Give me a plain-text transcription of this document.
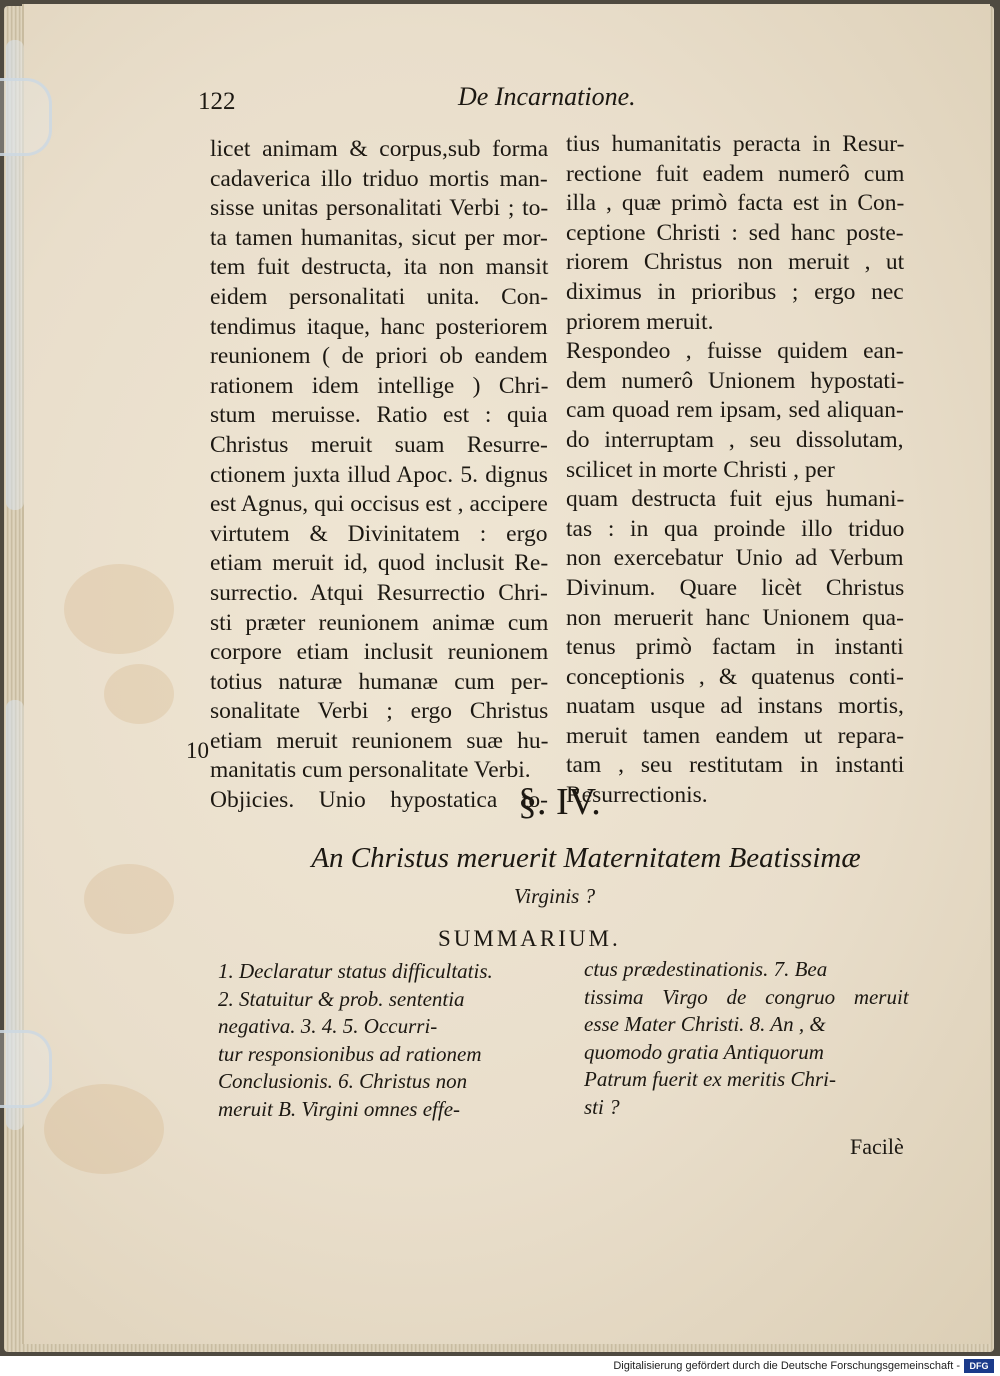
122	De Incarnatione.
licet animam & corpus,sub forma
cadaverica illo triduo mortis man-
sisse unitas personalitati Verbi ; to-
ta tamen humanitas, sicut per mor-
tem fuit destructa, ita non mansit
eidem personalitati unita. Con-
tendimus itaque, hanc posteriorem
reunionem ( de priori ob eandem
rationem idem intellige ) Chri-
stum meruisse. Ratio est : quia
Christus meruit suam Resurre-
ctionem juxta illud Apoc. 5. dignus
est Agnus, qui occisus est , accipere
virtutem & Divinitatem : ergo
etiam meruit id, quod inclusit Re-
surrectio. Atqui Resurrectio Chri-
sti præter reunionem animæ cum
corpore etiam inclusit reunionem
totius naturæ humanæ cum per-
sonalitate Verbi ; ergo Christus
etiam meruit reunionem suæ hu-
manitatis cum personalitate Verbi.
Objicies. Unio hypostatica to-
10
tius humanitatis peracta in Resur-
rectione fuit eadem numerô cum
illa , quæ primò facta est in Con-
ceptione Christi : sed hanc poste-
riorem Christus non meruit , ut
diximus in prioribus ; ergo nec
priorem meruit.
Respondeo , fuisse quidem ean-
dem numerô Unionem hypostati-
cam quoad rem ipsam, sed aliquan-
do interruptam , seu dissolutam,
scilicet in morte Christi , per
quam destructa fuit ejus humani-
tas : in qua proinde illo triduo
non exercebatur Unio ad Verbum
Divinum. Quare licèt Christus
non meruerit hanc Unionem qua-
tenus primò factam in instanti
conceptionis , & quatenus conti-
nuatam usque ad instans mortis,
meruit tamen eandem ut repara-
tam , seu restitutam in instanti
Resurrectionis.
§. IV.
An Christus meruerit Maternitatem Beatissimæ
Virginis ?
SUMMARIUM.
1. Declaratur status difficultatis.
2. Statuitur & prob. sententia
negativa. 3. 4. 5. Occurri-
tur responsionibus ad rationem
Conclusionis. 6. Christus non
meruit B. Virgini omnes effe-
ctus prædestinationis. 7. Bea
tissima Virgo de congruo meruit
esse Mater Christi. 8. An , &
quomodo gratia Antiquorum
Patrum fuerit ex meritis Chri-
sti ?
Facilè
Digitalisierung gefördert durch die Deutsche Forschungsgemeinschaft -	DFG
